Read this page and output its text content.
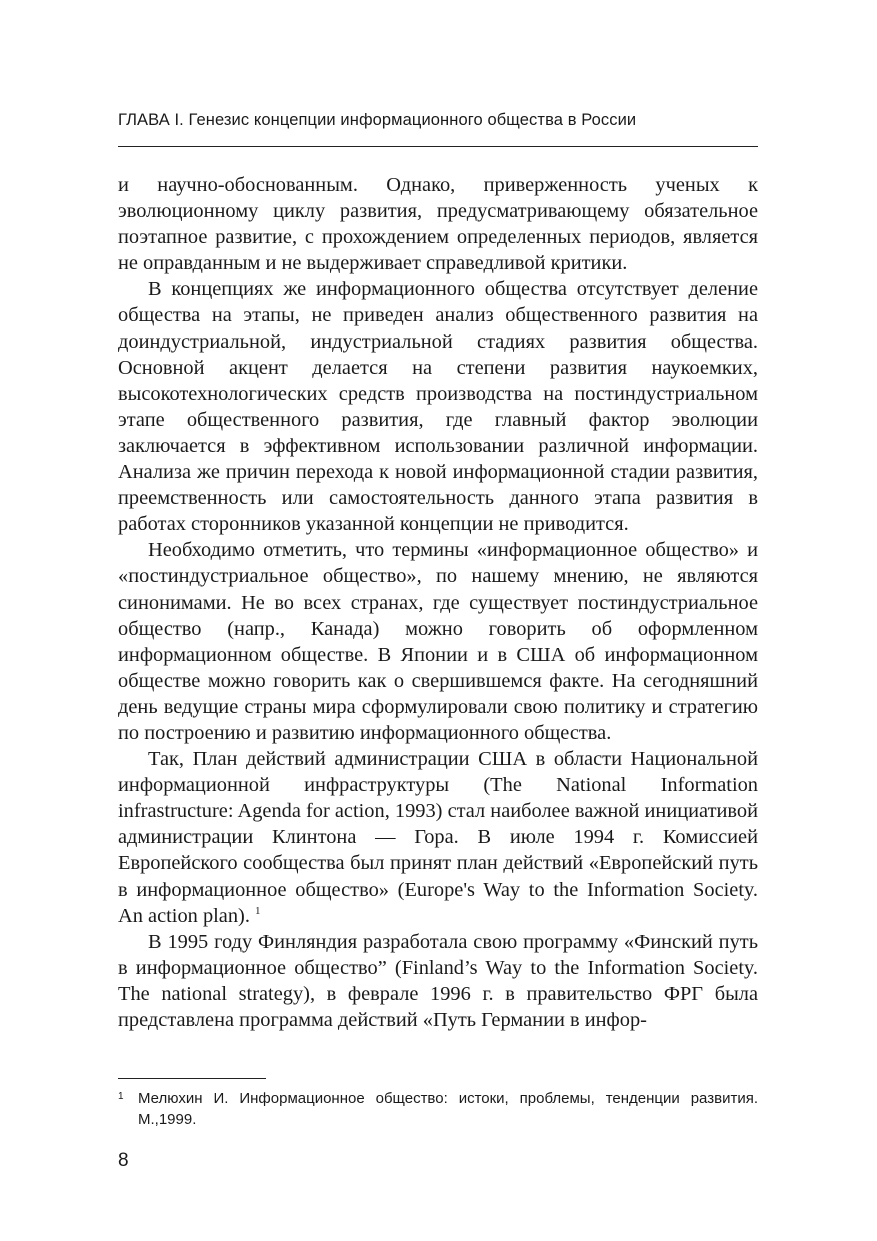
ГЛАВА I. Генезис концепции информационного общества в России

и научно-обоснованным. Однако, приверженность ученых к эволюционному циклу развития, предусматривающему обязательное поэтапное развитие, с прохождением определенных периодов, является не оправданным и не выдерживает справедливой критики.

В концепциях же информационного общества отсутствует деление общества на этапы, не приведен анализ общественного развития на доиндустриальной, индустриальной стадиях развития общества. Основной акцент делается на степени развития наукоемких, высокотехнологических средств производства на постиндустриальном этапе общественного развития, где главный фактор эволюции заключается в эффективном использовании различной информации. Анализа же причин перехода к новой информационной стадии развития, преемственность или самостоятельность данного этапа развития в работах сторонников указанной концепции не приводится.

Необходимо отметить, что термины «информационное общество» и «постиндустриальное общество», по нашему мнению, не являются синонимами. Не во всех странах, где существует постиндустриальное общество (напр., Канада) можно говорить об оформленном информационном обществе. В Японии и в США об информационном обществе можно говорить как о свершившемся факте. На сегодняшний день ведущие страны мира сформулировали свою политику и стратегию по построению и развитию информационного общества.

Так, План действий администрации США в области Национальной информационной инфраструктуры (The National Information infrastructure: Agenda for action, 1993) стал наиболее важной инициативой администрации Клинтона — Гора. В июле 1994 г. Комиссией Европейского сообщества был принят план действий «Европейский путь в информационное общество» (Europe's Way to the Information Society. An action plan). $^1$

В 1995 году Финляндия разработала свою программу «Финский путь в информационное общество” (Finland’s Way to the Information Society. The national strategy), в феврале 1996 г. в правительство ФРГ была представлена программа действий «Путь Германии в инфор-

1 Мелюхин И. Информационное общество: истоки, проблемы, тенденции развития. М.,1999.
8
